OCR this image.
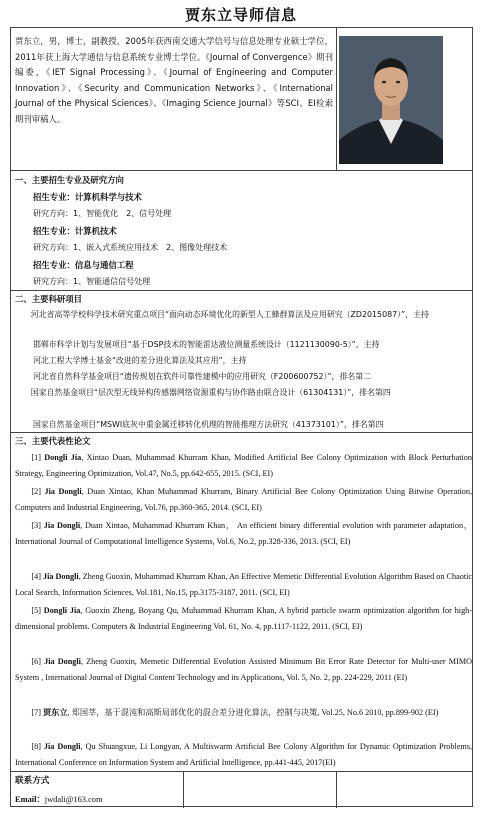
贾东立导师信息
贾东立，男，博士，副教授，2005年获西南交通大学信号与信息处理专业硕士学位，2011年获上海大学通信与信息系统专业博士学位。《Journal of Convergence》期刊编委，《IET Signal Processing》、《Journal of Engineering and Computer Innovation》、《Security and Communication Networks》、《International Journal of the Physical Sciences》、《Imaging Science Journal》等SCI、EI检索期刊审稿人。
一、主要招生专业及研究方向
招生专业：计算机科学与技术
研究方向：1、智能优化　2、信号处理
招生专业：计算机技术
研究方向：1、嵌入式系统应用技术　2、图像处理技术
招生专业：信息与通信工程
研究方向：1、智能通信信号处理
二、主要科研项目
河北省高等学校科学技术研究重点项目“面向动态环境优化的新型人工蜂群算法及应用研究（ZD2015087）”，主持
邯郸市科学计划与发展项目“基于DSP技术的智能雷达液位测量系统设计（1121130090-5）”，主持
河北工程大学博士基金“改进的差分进化算法及其应用”，主持
河北省自然科学基金项目“遗传规划在软件可靠性建模中的应用研究（F200600752）”，排名第二
国家自然基金项目“层次型无线异构传感器网络资源重构与协作路由联合设计（61304131）”，排名第四
国家自然基金项目“MSWI底灰中重金属迁移转化机理的智能推理方法研究（41373101）”，排名第四
三、主要代表性论文
[1] Dongli Jia, Xintao Duan, Muhammad Khurram Khan, Modified Artificial Bee Colony Optimization with Block Perturbation Strategy, Engineering Optimization, Vol.47, No.5, pp.642-655, 2015. (SCI, EI)
[2] Jia Dongli, Duan Xintao, Khan Muhammad Khurram, Binary Artificial Bee Colony Optimization Using Bitwise Operation, Computers and Industrial Engineering, Vol.76, pp.360-365, 2014. (SCI, EI)
[3] Jia Dongli, Duan Xintao, Muhammad Khurram Khan， An efficient binary differential evolution with parameter adaptation， International Journal of Computational Intelligence Systems, Vol.6, No.2, pp.328-336, 2013. (SCI, EI)
[4] Jia Dongli, Zheng Guoxin, Muhammad Khurram Khan, An Effective Memetic Differential Evolution Algorithm Based on Chaotic Local Search, Information Sciences, Vol.181, No.15, pp.3175-3187, 2011. (SCI, EI)
[5] Dongli Jia, Guoxin Zheng, Boyang Qu, Muhammad Khurram Khan, A hybrid particle swarm optimization algorithm for high-dimensional problems. Computers & Industrial Engineering Vol. 61, No. 4, pp.1117-1122, 2011. (SCI, EI)
[6] Jia Dongli, Zheng Guoxin, Memetic Differential Evolution Assisted Minimum Bit Error Rate Detector for Multi-user MIMO System , International Journal of Digital Content Technology and its Applications, Vol. 5, No. 2, pp. 224-229, 2011 (EI)
[7] 贾东立, 郑国莘，基于混沌和高斯局部优化的混合差分进化算法，控制与决策, Vol.25, No.6 2010, pp.899-902 (EI)
[8] Jia Dongli, Qu Shuangxue, Li Longyan, A Multiswarm Artificial Bee Colony Algorithm for Dynamic Optimization Problems, International Conference on Information System and Artificial Intelligence, pp.441-445, 2017(EI)
联系方式
Email：jwdali@163.com
